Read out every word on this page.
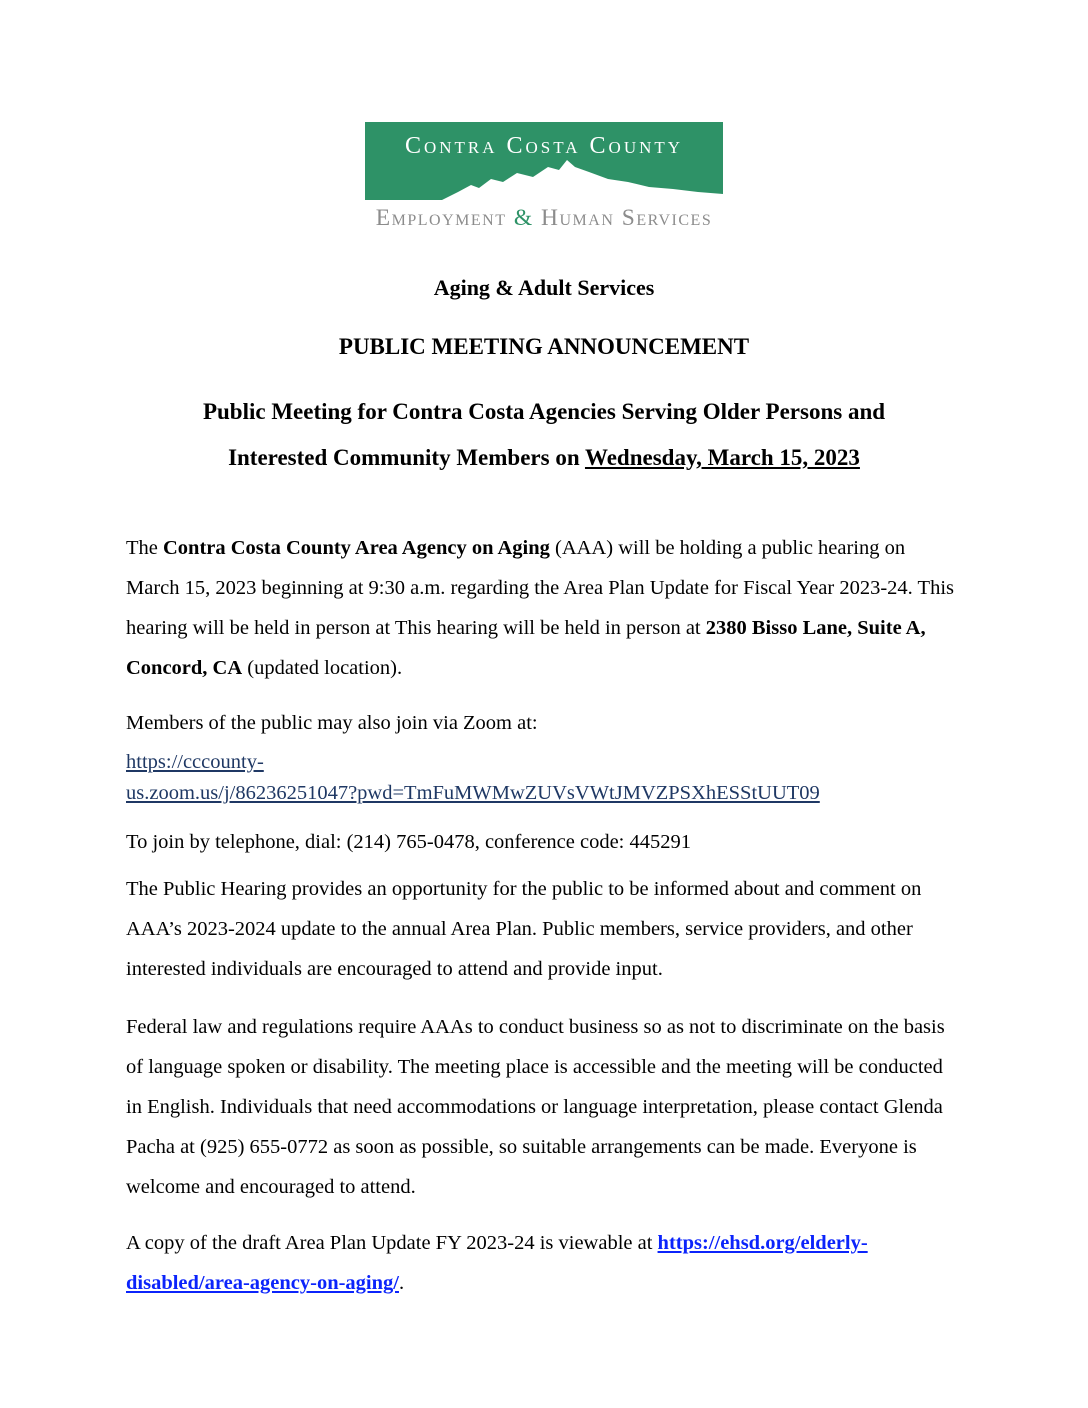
Contra Costa County
Employment & Human Services
Aging & Adult Services
PUBLIC MEETING ANNOUNCEMENT
Public Meeting for Contra Costa Agencies Serving Older Persons and
Interested Community Members on Wednesday, March 15, 2023

The Contra Costa County Area Agency on Aging (AAA) will be holding a public hearing on March 15, 2023 beginning at 9:30 a.m. regarding the Area Plan Update for Fiscal Year 2023-24. This hearing will be held in person at This hearing will be held in person at 2380 Bisso Lane, Suite A, Concord, CA (updated location).

Members of the public may also join via Zoom at:

https://cccounty-
us.zoom.us/j/86236251047?pwd=TmFuMWMwZUVsVWtJMVZPSXhESStUUT09

To join by telephone, dial: (214) 765-0478, conference code: 445291

The Public Hearing provides an opportunity for the public to be informed about and comment on AAA’s 2023-2024 update to the annual Area Plan. Public members, service providers, and other interested individuals are encouraged to attend and provide input.

Federal law and regulations require AAAs to conduct business so as not to discriminate on the basis of language spoken or disability. The meeting place is accessible and the meeting will be conducted in English. Individuals that need accommodations or language interpretation, please contact Glenda Pacha at (925) 655-0772 as soon as possible, so suitable arrangements can be made. Everyone is welcome and encouraged to attend.

A copy of the draft Area Plan Update FY 2023-24 is viewable at https://ehsd.org/elderly-
disabled/area-agency-on-aging/.
